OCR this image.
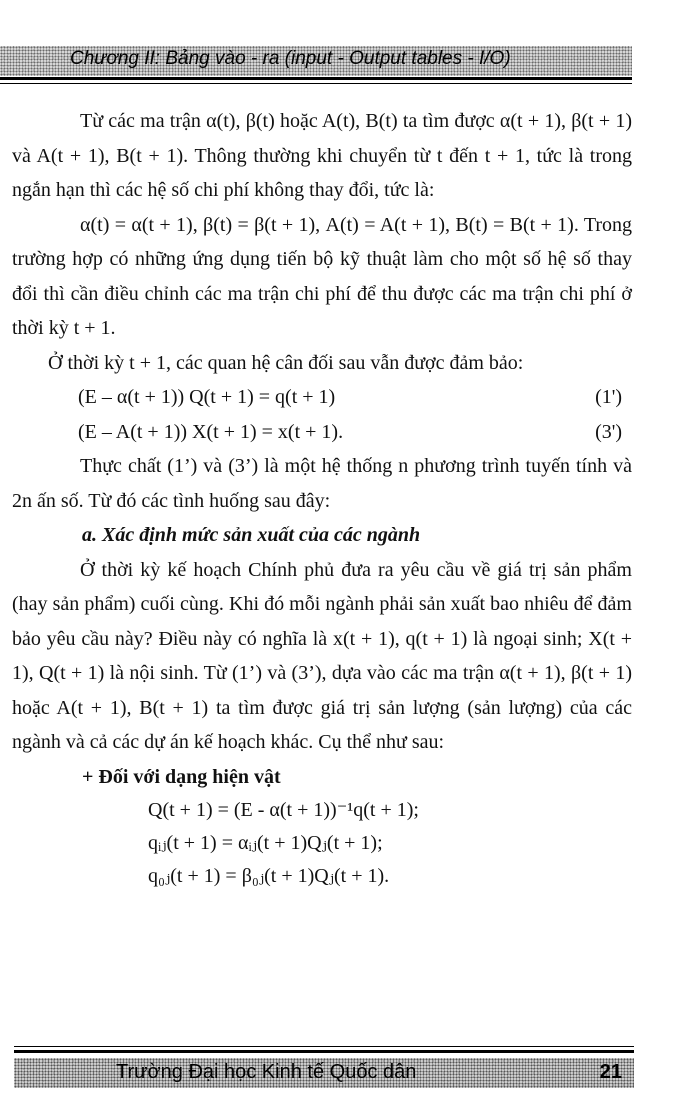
Chương II: Bảng vào - ra (input - Output tables - I/O)

Từ các ma trận α(t), β(t) hoặc A(t), B(t) ta tìm được α(t + 1), β(t + 1) và A(t + 1), B(t + 1). Thông thường khi chuyển từ t đến t + 1, tức là trong ngắn hạn thì các hệ số chi phí không thay đổi, tức là:

α(t) = α(t + 1), β(t) = β(t + 1), A(t) = A(t + 1), B(t) = B(t + 1). Trong trường hợp có những ứng dụng tiến bộ kỹ thuật làm cho một số hệ số thay đổi thì cần điều chỉnh các ma trận chi phí để thu được các ma trận chi phí ở thời kỳ t + 1.

Ở thời kỳ t + 1, các quan hệ cân đối sau vẫn được đảm bảo:

(E – α(t + 1)) Q(t + 1) = q(t + 1)	(1')
(E – A(t + 1)) X(t + 1) = x(t + 1).	(3')

Thực chất (1’) và (3’) là một hệ thống n phương trình tuyến tính và 2n ấn số. Từ đó các tình huống sau đây:

a. Xác định mức sản xuất của các ngành

Ở thời kỳ kế hoạch Chính phủ đưa ra yêu cầu về giá trị sản phẩm (hay sản phẩm) cuối cùng. Khi đó mỗi ngành phải sản xuất bao nhiêu để đảm bảo yêu cầu này? Điều này có nghĩa là x(t + 1), q(t + 1) là ngoại sinh; X(t + 1), Q(t + 1) là nội sinh. Từ (1’) và (3’), dựa vào các ma trận α(t + 1), β(t + 1) hoặc A(t + 1), B(t + 1) ta tìm được giá trị sản lượng (sản lượng) của các ngành và cả các dự án kế hoạch khác. Cụ thể như sau:

+ Đối với dạng hiện vật

Q(t + 1) = (E - α(t + 1))⁻¹q(t + 1);
qᵢⱼ(t + 1) = αᵢⱼ(t + 1)Qⱼ(t + 1);
q₀ⱼ(t + 1) = β₀ⱼ(t + 1)Qⱼ(t + 1).
Trường Đại học Kinh tế Quốc dân	21
